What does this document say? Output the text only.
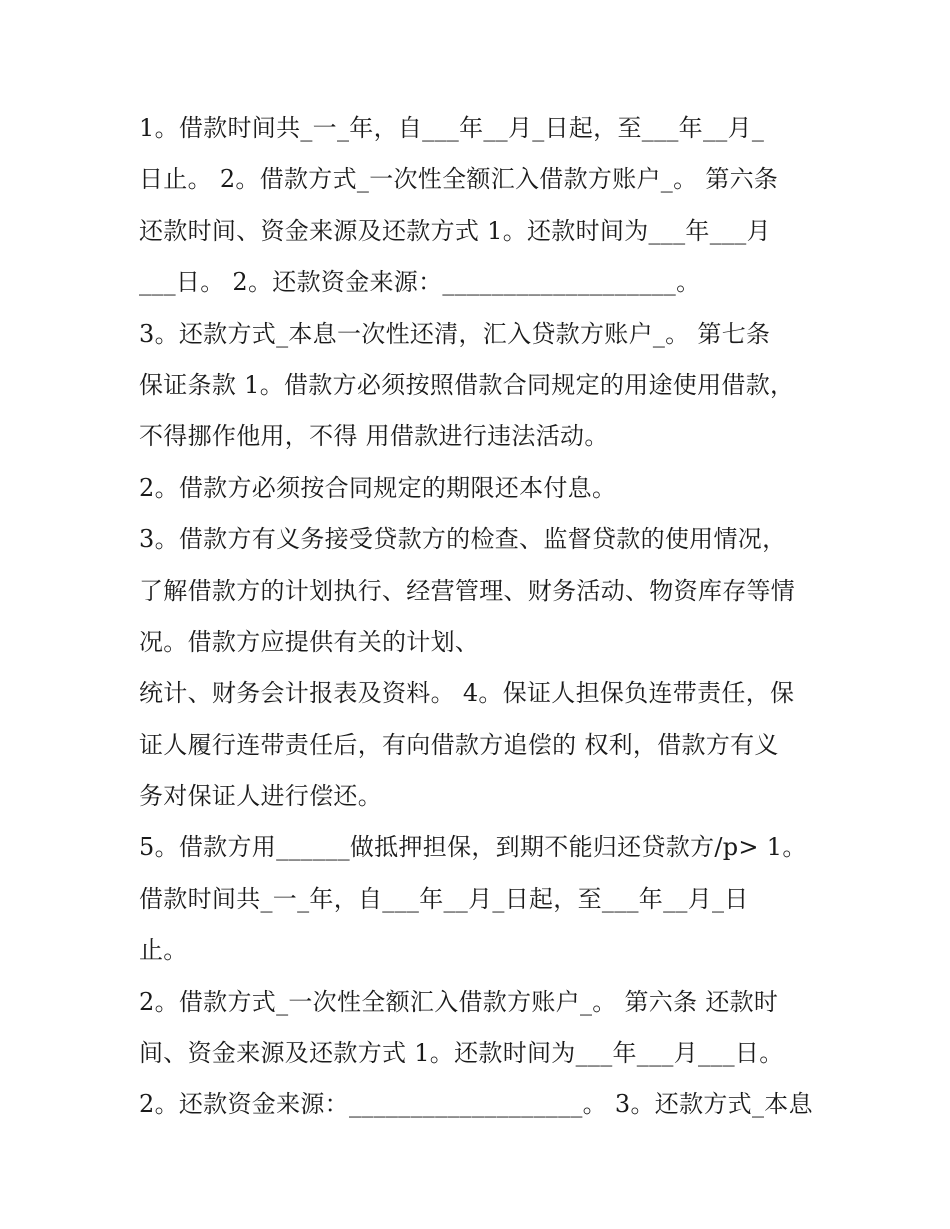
1。借款时间共_一_年，自___年__月_日起，至___年__月_
日止。 2。借款方式_一次性全额汇入借款方账户_。 第六条
还款时间、资金来源及还款方式 1。还款时间为___年___月
___日。 2。还款资金来源：___________________。
3。还款方式_本息一次性还清，汇入贷款方账户_。 第七条
保证条款 1。借款方必须按照借款合同规定的用途使用借款，
不得挪作他用，不得 用借款进行违法活动。
2。借款方必须按合同规定的期限还本付息。
3。借款方有义务接受贷款方的检查、监督贷款的使用情况，
了解借款方的计划执行、经营管理、财务活动、物资库存等情
况。借款方应提供有关的计划、
统计、财务会计报表及资料。 4。保证人担保负连带责任，保
证人履行连带责任后，有向借款方追偿的 权利，借款方有义
务对保证人进行偿还。
5。借款方用______做抵押担保，到期不能归还贷款方/p> 1。
借款时间共_一_年，自___年__月_日起，至___年__月_日
止。
2。借款方式_一次性全额汇入借款方账户_。 第六条 还款时
间、资金来源及还款方式 1。还款时间为___年___月___日。
2。还款资金来源：___________________。 3。还款方式_本息
